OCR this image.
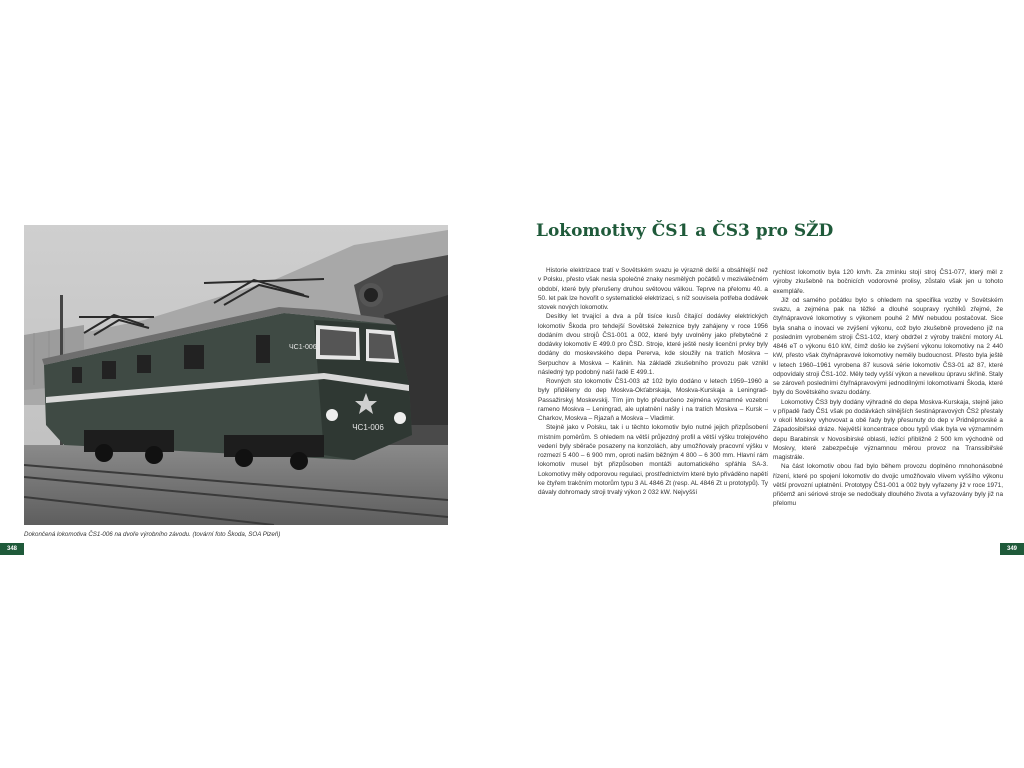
ЧС1-006
ЧС1-006
Dokončená lokomotiva ČS1-006 na dvoře výrobního závodu. (tovární foto Škoda, SOA Plzeň)
348
Lokomotivy ČS1 a ČS3 pro SŽD

Historie elektrizace tratí v Sovětském svazu je výrazně delší a obsáhlejší než v Polsku, přesto však nesla společné znaky nesmělých počátků v meziválečném období, které byly přerušeny druhou světovou válkou. Teprve na přelomu 40. a 50. let pak lze hovořit o systematické elektrizaci, s níž souvisela potřeba dodávek stovek nových lokomotiv.

Desítky let trvající a dva a půl tisíce kusů čítající dodávky elektrických lokomotiv Škoda pro tehdejší Sovětské železnice byly zahájeny v roce 1956 dodáním dvou strojů ČS1-001 a 002, které byly uvolněny jako přebytečné z dodávky lokomotiv E 499.0 pro ČSD. Stroje, které ještě nesly licenční prvky byly dodány do moskevského depa Pererva, kde sloužily na tratích Moskva – Serpuchov a Moskva – Kalinin. Na základě zkušebního provozu pak vznikl následný typ podobný naší řadě E 499.1.

Rovných sto lokomotiv ČS1-003 až 102 bylo dodáno v letech 1959–1960 a byly přiděleny do dep Moskva-Okťabrskaja, Moskva-Kurskaja a Leningrad-Passažirskyj Moskevskij. Tím jim bylo předurčeno zejména významné vozební rameno Moskva – Leningrad, ale uplatnění našly i na tratích Moskva – Kursk – Charkov, Moskva – Rjazaň a Moskva – Vladimir.

Stejně jako v Polsku, tak i u těchto lokomotiv bylo nutné jejich přizpůsobení místním poměrům. S ohledem na větší průjezdný profil a větší výšku trolejového vedení byly sběrače posazeny na konzolách, aby umožňovaly pracovní výšku v rozmezí 5 400 – 6 900 mm, oproti našim běžným 4 800 – 6 300 mm. Hlavní rám lokomotiv musel být přizpůsoben montáži automatického spřáhla SA-3. Lokomotivy měly odporovou regulaci, prostřednictvím které bylo přiváděno napětí ke čtyřem trakčním motorům typu 3 AL 4846 Zt (resp. AL 4846 Zt u prototypů). Ty dávaly dohromady stroji trvalý výkon 2 032 kW. Nejvyšší

rychlost lokomotiv byla 120 km/h. Za zmínku stojí stroj ČS1-077, který měl z výroby zkušebně na bočnicích vodorovné prolisy, zůstalo však jen u tohoto exempláře.

Již od samého počátku bylo s ohledem na specifika vozby v Sovětském svazu, a zejména pak na těžké a dlouhé soupravy rychlíků zřejmé, že čtyřnápravové lokomotivy s výkonem pouhé 2 MW nebudou postačovat. Sice byla snaha o inovaci ve zvýšení výkonu, což bylo zkušebně provedeno již na posledním vyrobeném stroji ČS1-102, který obdržel z výroby trakční motory AL 4846 eT o výkonu 610 kW, čímž došlo ke zvýšení výkonu lokomotivy na 2 440 kW, přesto však čtyřnápravové lokomotivy neměly budoucnost. Přesto byla ještě v letech 1960–1961 vyrobena 87 kusová série lokomotiv ČS3-01 až 87, které odpovídaly stroji ČS1-102. Měly tedy vyšší výkon a nevelkou úpravu skříně. Staly se zároveň posledními čtyřnápravovými jednodílnými lokomotivami Škoda, které byly do Sovětského svazu dodány.

Lokomotivy ČS3 byly dodány výhradně do depa Moskva-Kurskaja, stejně jako v případě řady ČS1 však po dodávkách silnějších šestinápravových ČS2 přestaly v okolí Moskvy vyhovovat a obě řady byly přesunuty do dep v Pridněprovské a Západosibiřské dráze. Největší koncentrace obou typů však byla ve významném depu Barabinsk v Novosibirské oblasti, ležící přibližně 2 500 km východně od Moskvy, které zabezpečuje významnou měrou provoz na Transsibiřské magistrále.

Na část lokomotiv obou řad bylo během provozu doplněno mnohonásobné řízení, které po spojení lokomotiv do dvojic umožňovalo vlivem vyššího výkonu větší provozní uplatnění. Prototypy ČS1-001 a 002 byly vyřazeny již v roce 1971, přičemž ani sériové stroje se nedočkaly dlouhého života a vyřazovány byly již na přelomu

349
